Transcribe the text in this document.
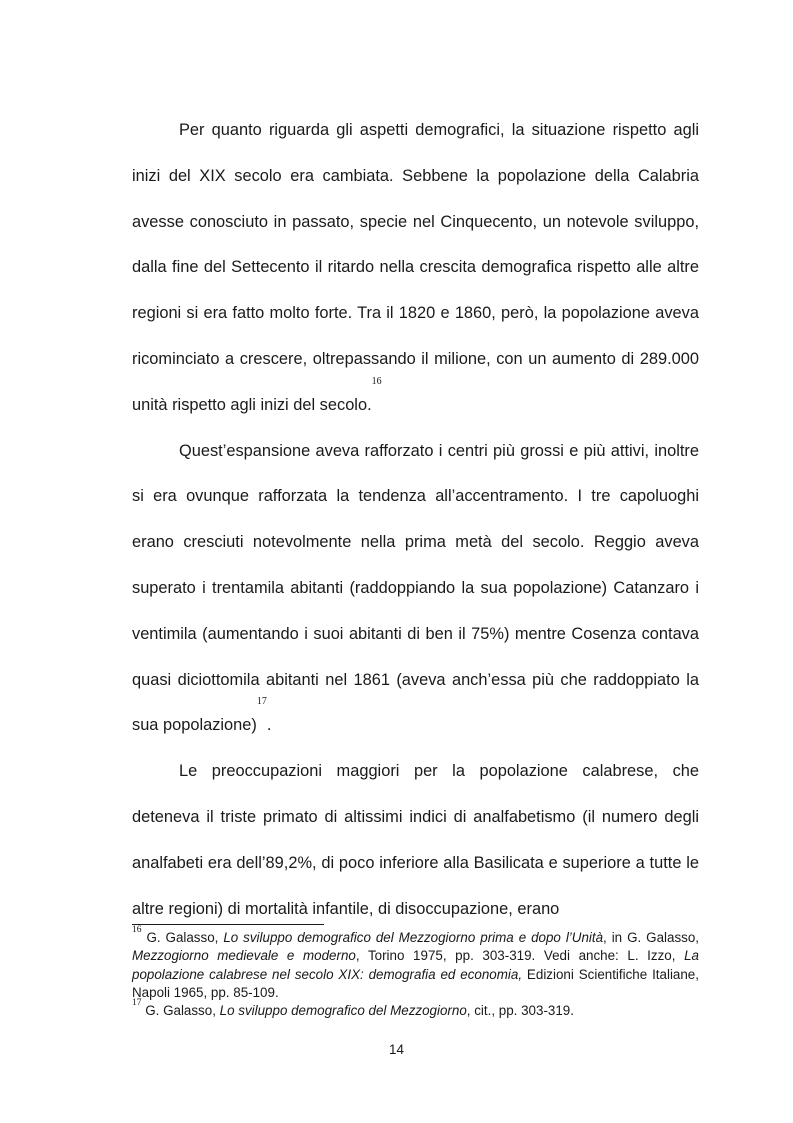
Per quanto riguarda gli aspetti demografici, la situazione rispetto agli inizi del XIX secolo era cambiata. Sebbene la popolazione della Calabria avesse conosciuto in passato, specie nel Cinquecento, un notevole sviluppo, dalla fine del Settecento il ritardo nella crescita demografica rispetto alle altre regioni si era fatto molto forte. Tra il 1820 e 1860, però, la popolazione aveva ricominciato a crescere, oltrepassando il milione, con un aumento di 289.000 unità rispetto agli inizi del secolo.$^{16}$

Quest’espansione aveva rafforzato i centri più grossi e più attivi, inoltre si era ovunque rafforzata la tendenza all’accentramento. I tre capoluoghi erano cresciuti notevolmente nella prima metà del secolo. Reggio aveva superato i trentamila abitanti (raddoppiando la sua popolazione) Catanzaro i ventimila (aumentando i suoi abitanti di ben il 75%) mentre Cosenza contava quasi diciottomila abitanti nel 1861 (aveva anch’essa più che raddoppiato la sua popolazione)$^{17}$.

Le preoccupazioni maggiori per la popolazione calabrese, che deteneva il triste primato di altissimi indici di analfabetismo (il numero degli analfabeti era dell’89,2%, di poco inferiore alla Basilicata e superiore a tutte le altre regioni) di mortalità infantile, di disoccupazione, erano

$^{16}$ G. Galasso, Lo sviluppo demografico del Mezzogiorno prima e dopo l’Unità, in G. Galasso, Mezzogiorno medievale e moderno, Torino 1975, pp. 303-319. Vedi anche: L. Izzo, La popolazione calabrese nel secolo XIX: demografia ed economia, Edizioni Scientifiche Italiane, Napoli 1965, pp. 85-109.

$^{17}$ G. Galasso, Lo sviluppo demografico del Mezzogiorno, cit., pp. 303-319.

14
